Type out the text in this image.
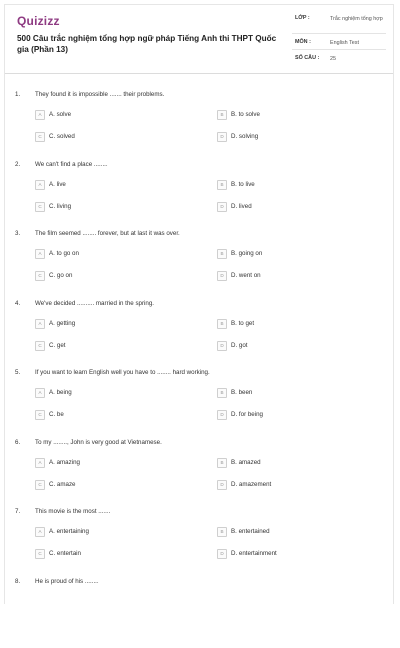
Quizizz
500 Câu trắc nghiệm tổng hợp ngữ pháp Tiếng Anh thi THPT Quốc gia (Phần 13)
LỚP :	Trắc nghiệm tổng hợp
MÔN :	English Test
SỐ CÂU : 25
1. They found it is impossible ....... their problems.
A	A. solve	B	B. to solve
C	C. solved	D	D. solving
2. We can't find a place ........
A	A. live	B	B. to live
C	C. living	D	D. lived
3. The film seemed ........ forever, but at last it was over.
A	A. to go on	B	B. going on
C	C. go on	D	D. went on
4. We've decided .......... married in the spring.
A	A. getting	B	B. to get
C	C. get	D	D. got
5. If you want to learn English well you have to ........ hard working.
A	A. being	B	B. been
C	C. be	D	D. for being
6. To my ........, John is very good at Vietnamese.
A	A. amazing	B	B. amazed
C	C. amaze	D	D. amazement
7. This movie is the most .......
A	A. entertaining	B	B. entertained
C	C. entertain	D	D. entertainment
8. He is proud of his ........
